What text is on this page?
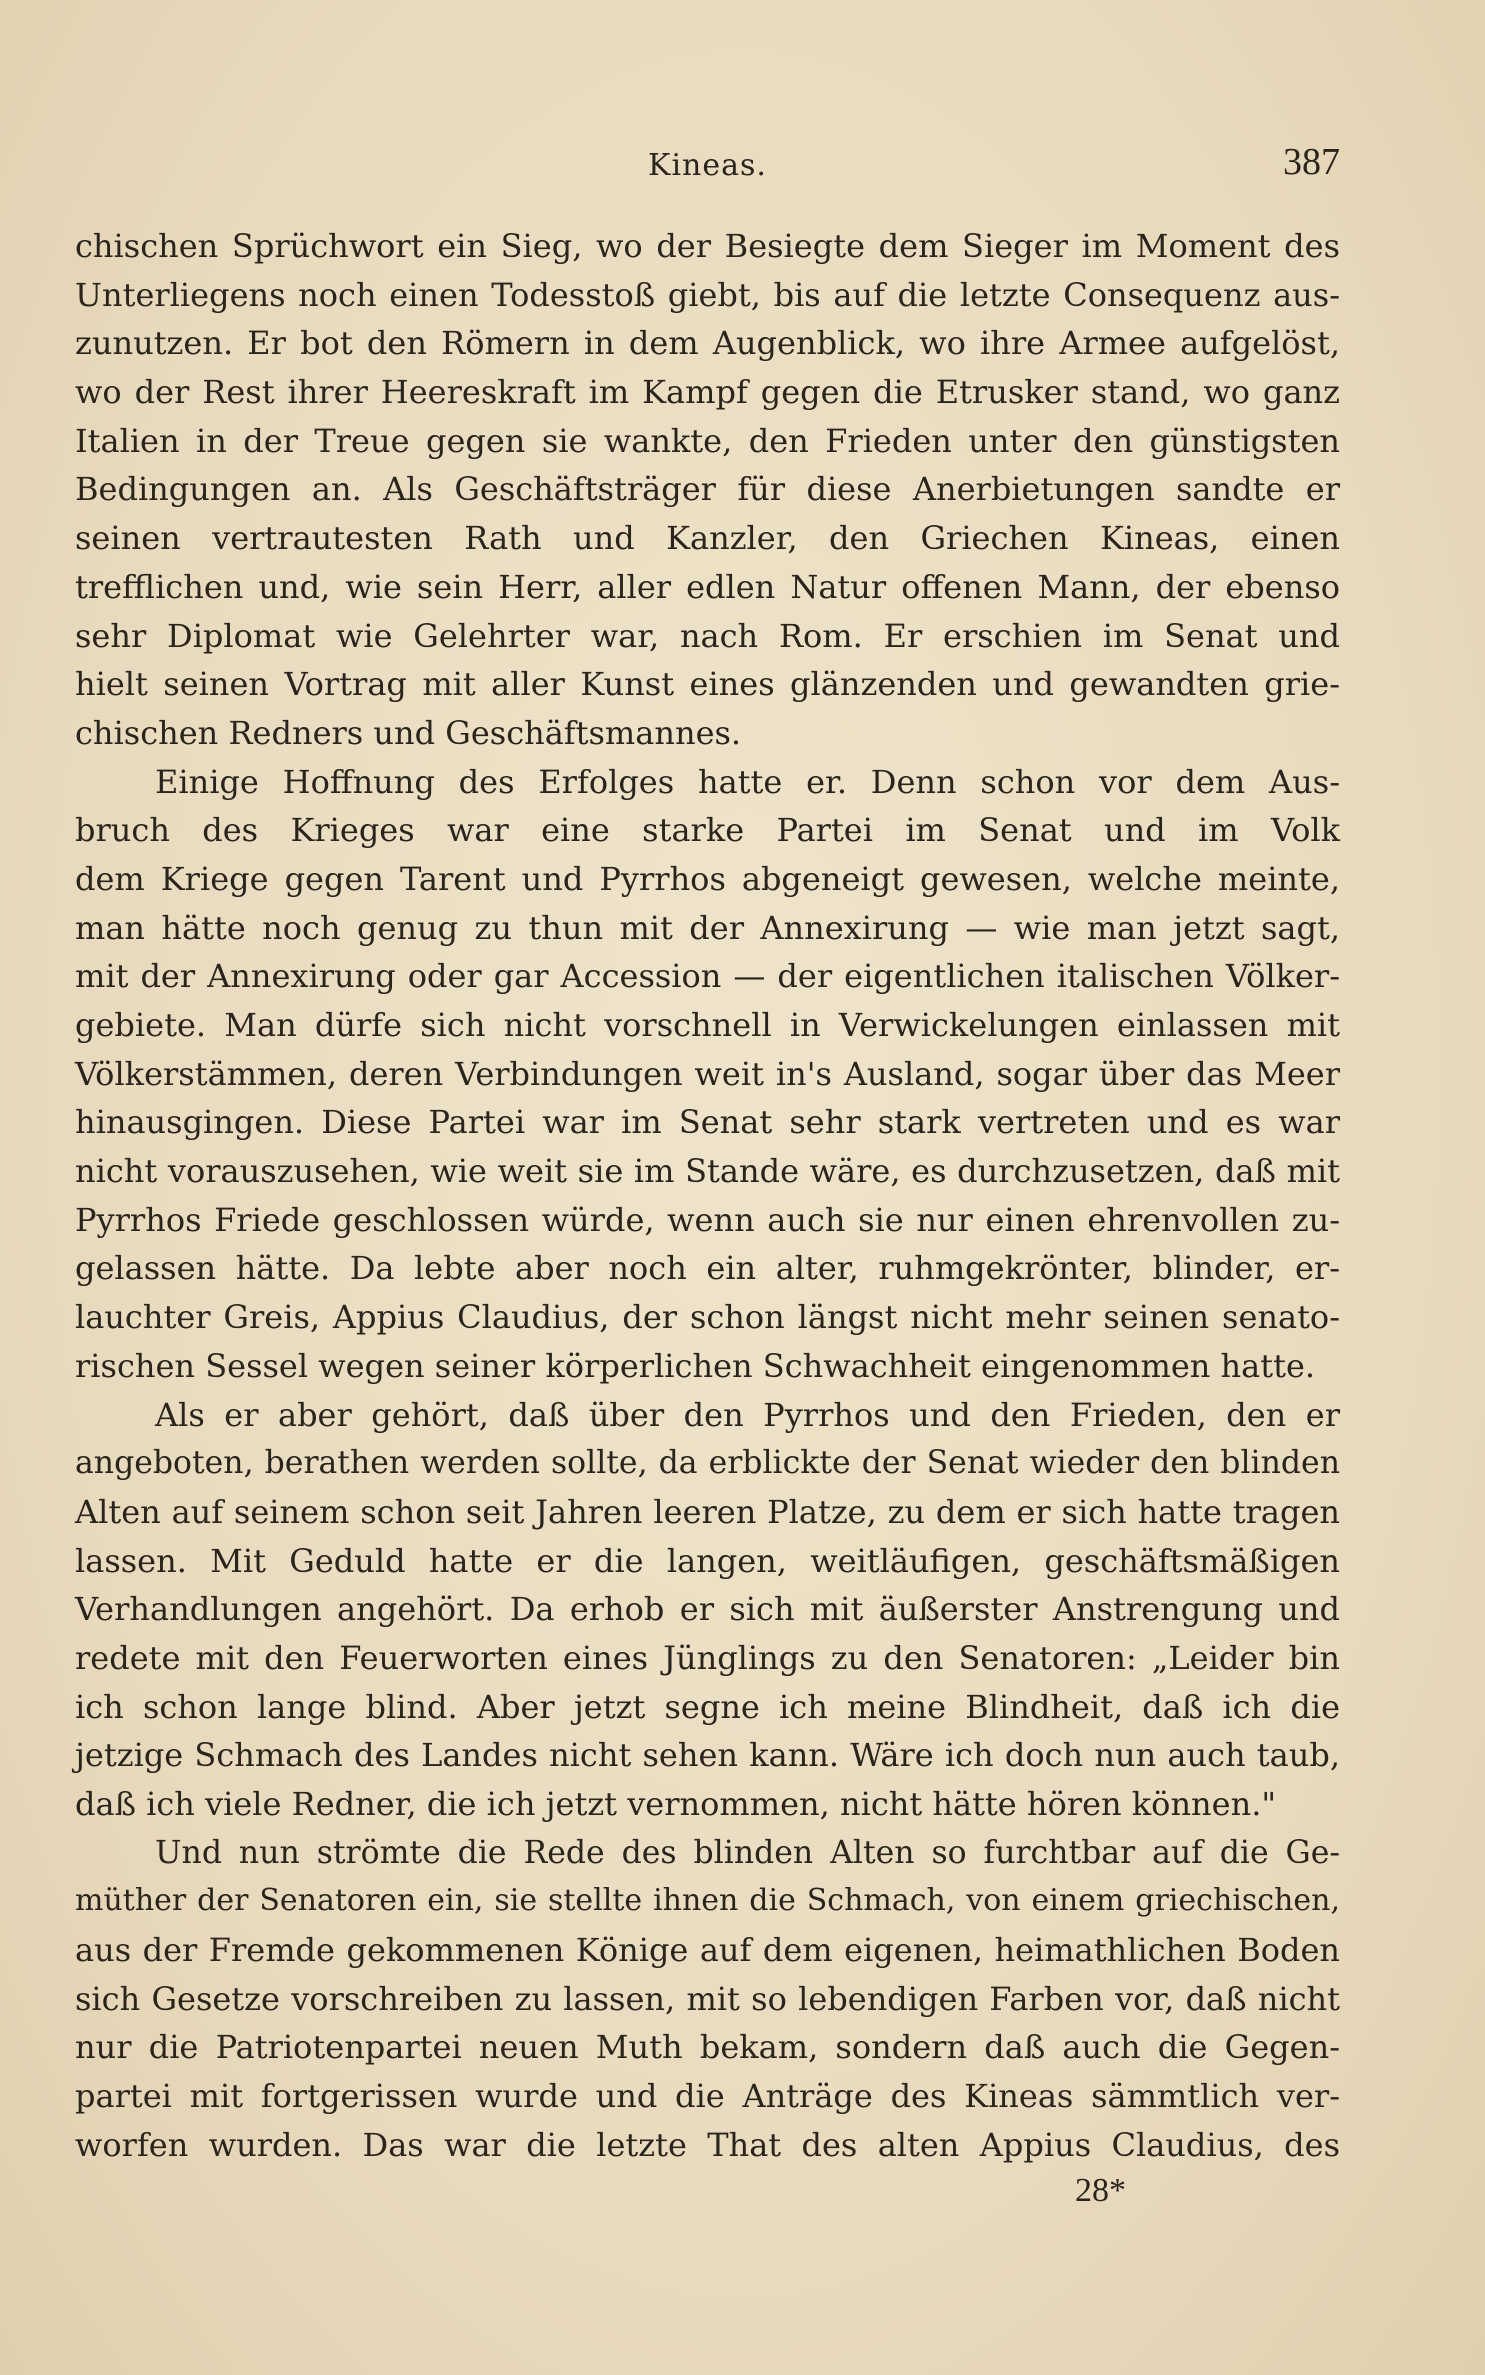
Kineas.	387
chischen Sprüchwort ein Sieg, wo der Besiegte dem Sieger im Moment des
Unterliegens noch einen Todesstoß giebt, bis auf die letzte Consequenz aus-
zunutzen. Er bot den Römern in dem Augenblick, wo ihre Armee aufgelöst,
wo der Rest ihrer Heereskraft im Kampf gegen die Etrusker stand, wo ganz
Italien in der Treue gegen sie wankte, den Frieden unter den günstigsten
Bedingungen an. Als Geschäftsträger für diese Anerbietungen sandte er
seinen vertrautesten Rath und Kanzler, den Griechen Kineas, einen
trefflichen und, wie sein Herr, aller edlen Natur offenen Mann, der ebenso
sehr Diplomat wie Gelehrter war, nach Rom. Er erschien im Senat und
hielt seinen Vortrag mit aller Kunst eines glänzenden und gewandten grie-
chischen Redners und Geschäftsmannes.
Einige Hoffnung des Erfolges hatte er. Denn schon vor dem Aus-
bruch des Krieges war eine starke Partei im Senat und im Volk
dem Kriege gegen Tarent und Pyrrhos abgeneigt gewesen, welche meinte,
man hätte noch genug zu thun mit der Annexirung — wie man jetzt sagt,
mit der Annexirung oder gar Accession — der eigentlichen italischen Völker-
gebiete. Man dürfe sich nicht vorschnell in Verwickelungen einlassen mit
Völkerstämmen, deren Verbindungen weit in's Ausland, sogar über das Meer
hinausgingen. Diese Partei war im Senat sehr stark vertreten und es war
nicht vorauszusehen, wie weit sie im Stande wäre, es durchzusetzen, daß mit
Pyrrhos Friede geschlossen würde, wenn auch sie nur einen ehrenvollen zu-
gelassen hätte. Da lebte aber noch ein alter, ruhmgekrönter, blinder, er-
lauchter Greis, Appius Claudius, der schon längst nicht mehr seinen senato-
rischen Sessel wegen seiner körperlichen Schwachheit eingenommen hatte.
Als er aber gehört, daß über den Pyrrhos und den Frieden, den er
angeboten, berathen werden sollte, da erblickte der Senat wieder den blinden
Alten auf seinem schon seit Jahren leeren Platze, zu dem er sich hatte tragen
lassen. Mit Geduld hatte er die langen, weitläufigen, geschäftsmäßigen
Verhandlungen angehört. Da erhob er sich mit äußerster Anstrengung und
redete mit den Feuerworten eines Jünglings zu den Senatoren: „Leider bin
ich schon lange blind. Aber jetzt segne ich meine Blindheit, daß ich die
jetzige Schmach des Landes nicht sehen kann. Wäre ich doch nun auch taub,
daß ich viele Redner, die ich jetzt vernommen, nicht hätte hören können."
Und nun strömte die Rede des blinden Alten so furchtbar auf die Ge-
müther der Senatoren ein, sie stellte ihnen die Schmach, von einem griechischen,
aus der Fremde gekommenen Könige auf dem eigenen, heimathlichen Boden
sich Gesetze vorschreiben zu lassen, mit so lebendigen Farben vor, daß nicht
nur die Patriotenpartei neuen Muth bekam, sondern daß auch die Gegen-
partei mit fortgerissen wurde und die Anträge des Kineas sämmtlich ver-
worfen wurden. Das war die letzte That des alten Appius Claudius, des
28*
